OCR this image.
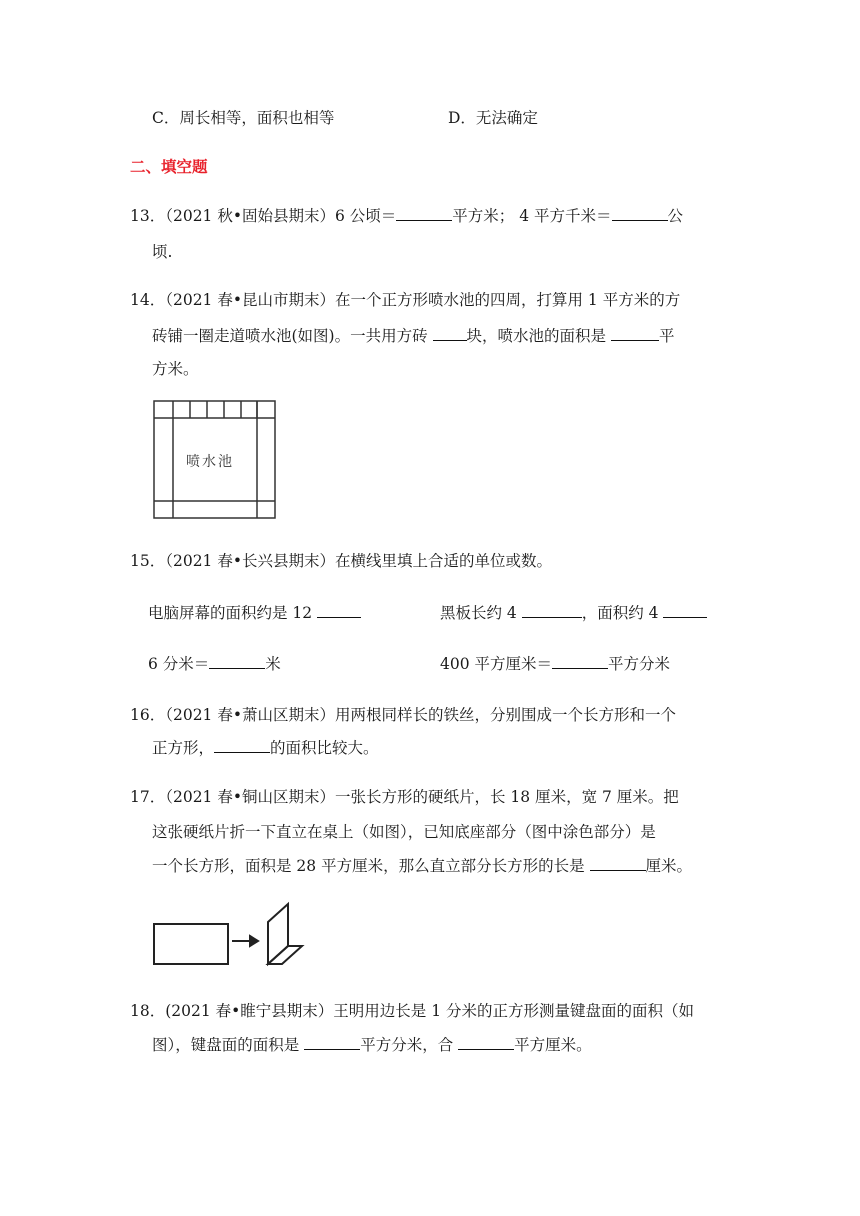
C．周长相等，面积也相等	D．无法确定
二、填空题
13．（2021 秋•固始县期末）6 公顷＝	平方米； 4 平方千米＝	公
顷.
14．（2021 春•昆山市期末）在一个正方形喷水池的四周，打算用 1 平方米的方
砖铺一圈走道喷水池(如图)。一共用方砖 块，喷水池的面积是	平
方米。
喷水池
15．（2021 春•长兴县期末）在横线里填上合适的单位或数。
电脑屏幕的面积约是 12	黑板长约 4	，面积约 4
6 分米＝	米	400 平方厘米＝	平方分米
16．（2021 春•萧山区期末）用两根同样长的铁丝，分别围成一个长方形和一个
正方形，	的面积比较大。
17．（2021 春•铜山区期末）一张长方形的硬纸片，长 18 厘米，宽 7 厘米。把
这张硬纸片折一下直立在桌上（如图），已知底座部分（图中涂色部分）是
一个长方形，面积是 28 平方厘米，那么直立部分长方形的长是	厘米。
18．(2021 春•睢宁县期末）王明用边长是 1 分米的正方形测量键盘面的面积（如
图），键盘面的面积是	平方分米，合	平方厘米。
